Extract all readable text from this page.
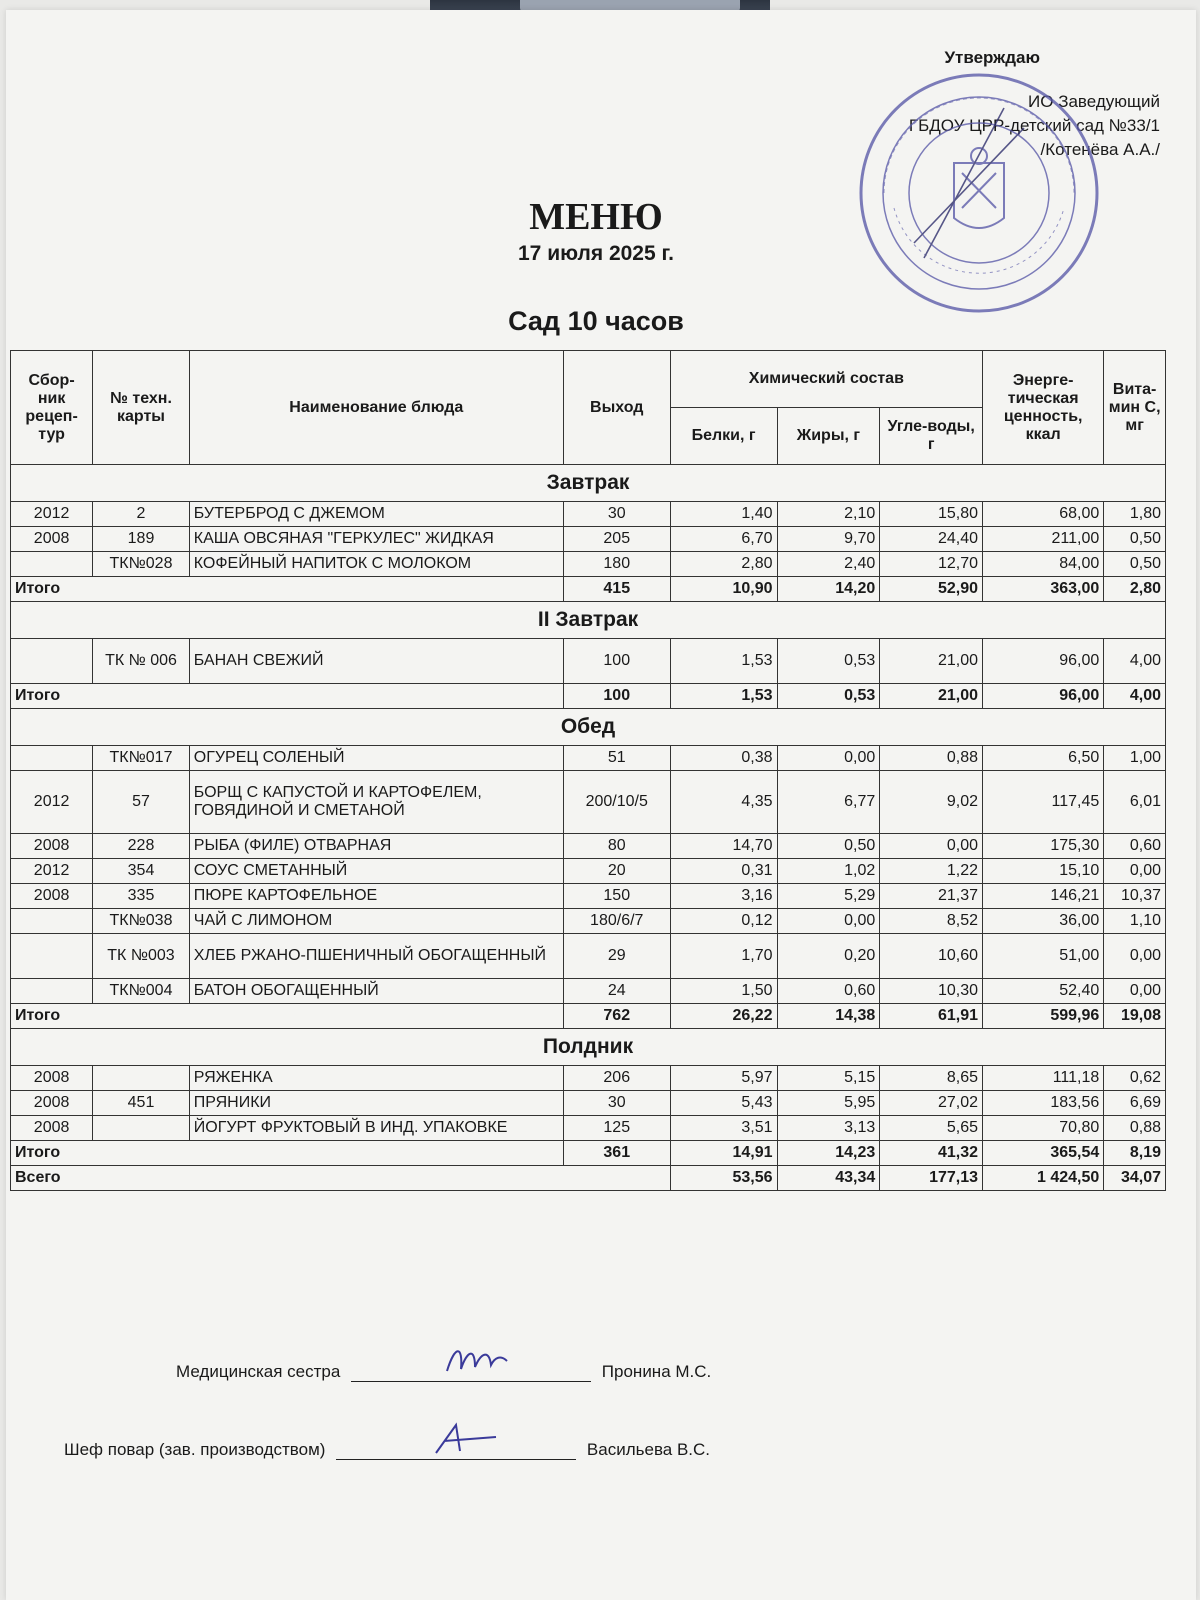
Утверждаю
ИО Заведующий
ГБДОУ ЦРР-детский сад №33/1
/Котенёва А.А./
МЕНЮ
17 июля 2025 г.
Сад 10 часов
Сбор-ник рецеп-тур	№ техн. карты	Наименование блюда	Выход	Химический состав			Энерге-тическая ценность, ккал	Вита-мин С, мг
				Белки, г	Жиры, г	Угле-воды, г		
Завтрак								
2012	2	БУТЕРБРОД С ДЖЕМОМ	30	1,40	2,10	15,80	68,00	1,80
2008	189	КАША ОВСЯНАЯ "ГЕРКУЛЕС" ЖИДКАЯ	205	6,70	9,70	24,40	211,00	0,50
	ТК№028	КОФЕЙНЫЙ НАПИТОК С МОЛОКОМ	180	2,80	2,40	12,70	84,00	0,50
Итого			415	10,90	14,20	52,90	363,00	2,80
II Завтрак								
	ТК № 006	БАНАН СВЕЖИЙ	100	1,53	0,53	21,00	96,00	4,00
Итого			100	1,53	0,53	21,00	96,00	4,00
Обед								
	ТК№017	ОГУРЕЦ СОЛЕНЫЙ	51	0,38	0,00	0,88	6,50	1,00
2012	57	БОРЩ С КАПУСТОЙ И КАРТОФЕЛЕМ, ГОВЯДИНОЙ И СМЕТАНОЙ	200/10/5	4,35	6,77	9,02	117,45	6,01
2008	228	РЫБА (ФИЛЕ) ОТВАРНАЯ	80	14,70	0,50	0,00	175,30	0,60
2012	354	СОУС СМЕТАННЫЙ	20	0,31	1,02	1,22	15,10	0,00
2008	335	ПЮРЕ КАРТОФЕЛЬНОЕ	150	3,16	5,29	21,37	146,21	10,37
	ТК№038	ЧАЙ С ЛИМОНОМ	180/6/7	0,12	0,00	8,52	36,00	1,10
	ТК №003	ХЛЕБ РЖАНО-ПШЕНИЧНЫЙ ОБОГАЩЕННЫЙ	29	1,70	0,20	10,60	51,00	0,00
	ТК№004	БАТОН ОБОГАЩЕННЫЙ	24	1,50	0,60	10,30	52,40	0,00
Итого			762	26,22	14,38	61,91	599,96	19,08
Полдник								
2008		РЯЖЕНКА	206	5,97	5,15	8,65	111,18	0,62
2008	451	ПРЯНИКИ	30	5,43	5,95	27,02	183,56	6,69
2008		ЙОГУРТ ФРУКТОВЫЙ В ИНД. УПАКОВКЕ	125	3,51	3,13	5,65	70,80	0,88
Итого			361	14,91	14,23	41,32	365,54	8,19
Всего				53,56	43,34	177,13	1 424,50	34,07
Медицинская сестра	Пронина М.С.
Шеф повар (зав. производством)	Васильева В.С.
